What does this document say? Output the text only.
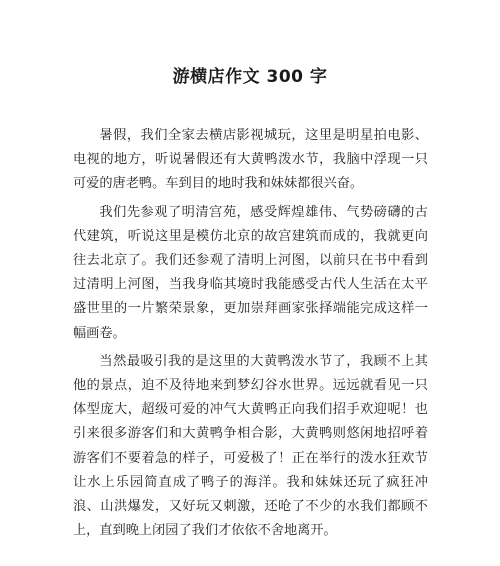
游横店作文 300 字

暑假，我们全家去横店影视城玩，这里是明星拍电影、电视的地方，听说暑假还有大黄鸭泼水节，我脑中浮现一只可爱的唐老鸭。车到目的地时我和妹妹都很兴奋。

我们先参观了明清宫苑，感受辉煌雄伟、气势磅礴的古代建筑，听说这里是模仿北京的故宫建筑而成的，我就更向往去北京了。我们还参观了清明上河图，以前只在书中看到过清明上河图，当我身临其境时我能感受古代人生活在太平盛世里的一片繁荣景象，更加崇拜画家张择端能完成这样一幅画卷。

当然最吸引我的是这里的大黄鸭泼水节了，我顾不上其他的景点，迫不及待地来到梦幻谷水世界。远远就看见一只体型庞大，超级可爱的冲气大黄鸭正向我们招手欢迎呢！也引来很多游客们和大黄鸭争相合影，大黄鸭则悠闲地招呼着游客们不要着急的样子，可爱极了！正在举行的泼水狂欢节让水上乐园简直成了鸭子的海洋。我和妹妹还玩了疯狂冲浪、山洪爆发，又好玩又刺激，还呛了不少的水我们都顾不上，直到晚上闭园了我们才依依不舍地离开。
